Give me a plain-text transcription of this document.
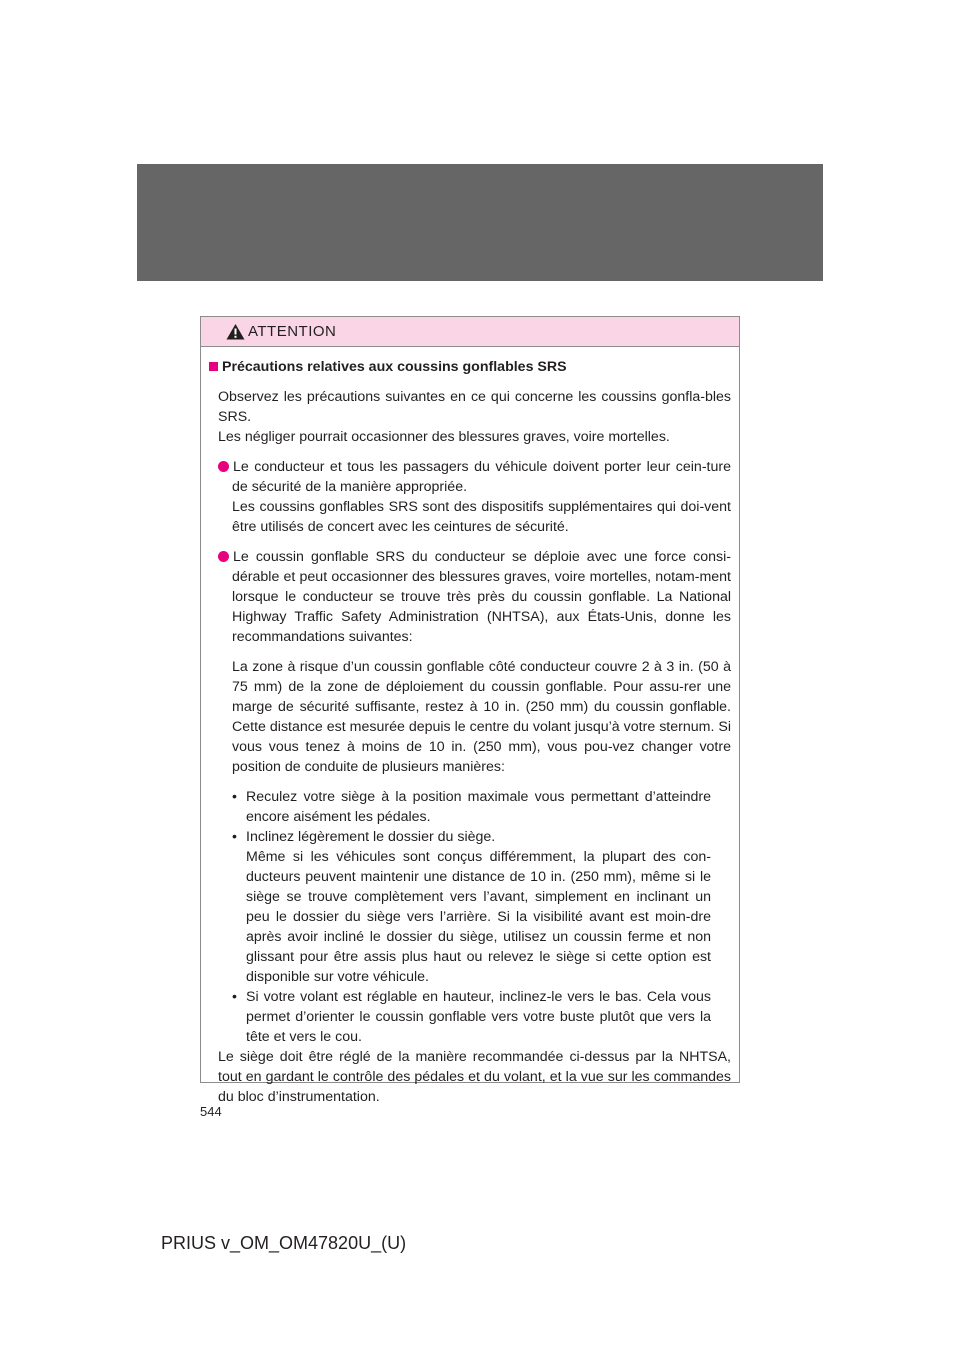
ATTENTION

Précautions relatives aux coussins gonflables SRS

Observez les précautions suivantes en ce qui concerne les coussins gonfla-bles SRS.

Les négliger pourrait occasionner des blessures graves, voire mortelles.

Le conducteur et tous les passagers du véhicule doivent porter leur cein-ture de sécurité de la manière appropriée.

Les coussins gonflables SRS sont des dispositifs supplémentaires qui doi-vent être utilisés de concert avec les ceintures de sécurité.

Le coussin gonflable SRS du conducteur se déploie avec une force consi-dérable et peut occasionner des blessures graves, voire mortelles, notam-ment lorsque le conducteur se trouve très près du coussin gonflable. La National Highway Traffic Safety Administration (NHTSA), aux États-Unis, donne les recommandations suivantes:

La zone à risque d’un coussin gonflable côté conducteur couvre 2 à 3 in. (50 à 75 mm) de la zone de déploiement du coussin gonflable. Pour assu-rer une marge de sécurité suffisante, restez à 10 in. (250 mm) du coussin gonflable. Cette distance est mesurée depuis le centre du volant jusqu’à votre sternum. Si vous vous tenez à moins de 10 in. (250 mm), vous pou-vez changer votre position de conduite de plusieurs manières:

• Reculez votre siège à la position maximale vous permettant d’atteindre encore aisément les pédales.

• Inclinez légèrement le dossier du siège.

Même si les véhicules sont conçus différemment, la plupart des con-ducteurs peuvent maintenir une distance de 10 in. (250 mm), même si le siège se trouve complètement vers l’avant, simplement en inclinant un peu le dossier du siège vers l’arrière. Si la visibilité avant est moin-dre après avoir incliné le dossier du siège, utilisez un coussin ferme et non glissant pour être assis plus haut ou relevez le siège si cette option est disponible sur votre véhicule.

• Si votre volant est réglable en hauteur, inclinez-le vers le bas. Cela vous permet d’orienter le coussin gonflable vers votre buste plutôt que vers la tête et vers le cou.

Le siège doit être réglé de la manière recommandée ci-dessus par la NHTSA, tout en gardant le contrôle des pédales et du volant, et la vue sur les commandes du bloc d’instrumentation.

544
PRIUS v_OM_OM47820U_(U)
